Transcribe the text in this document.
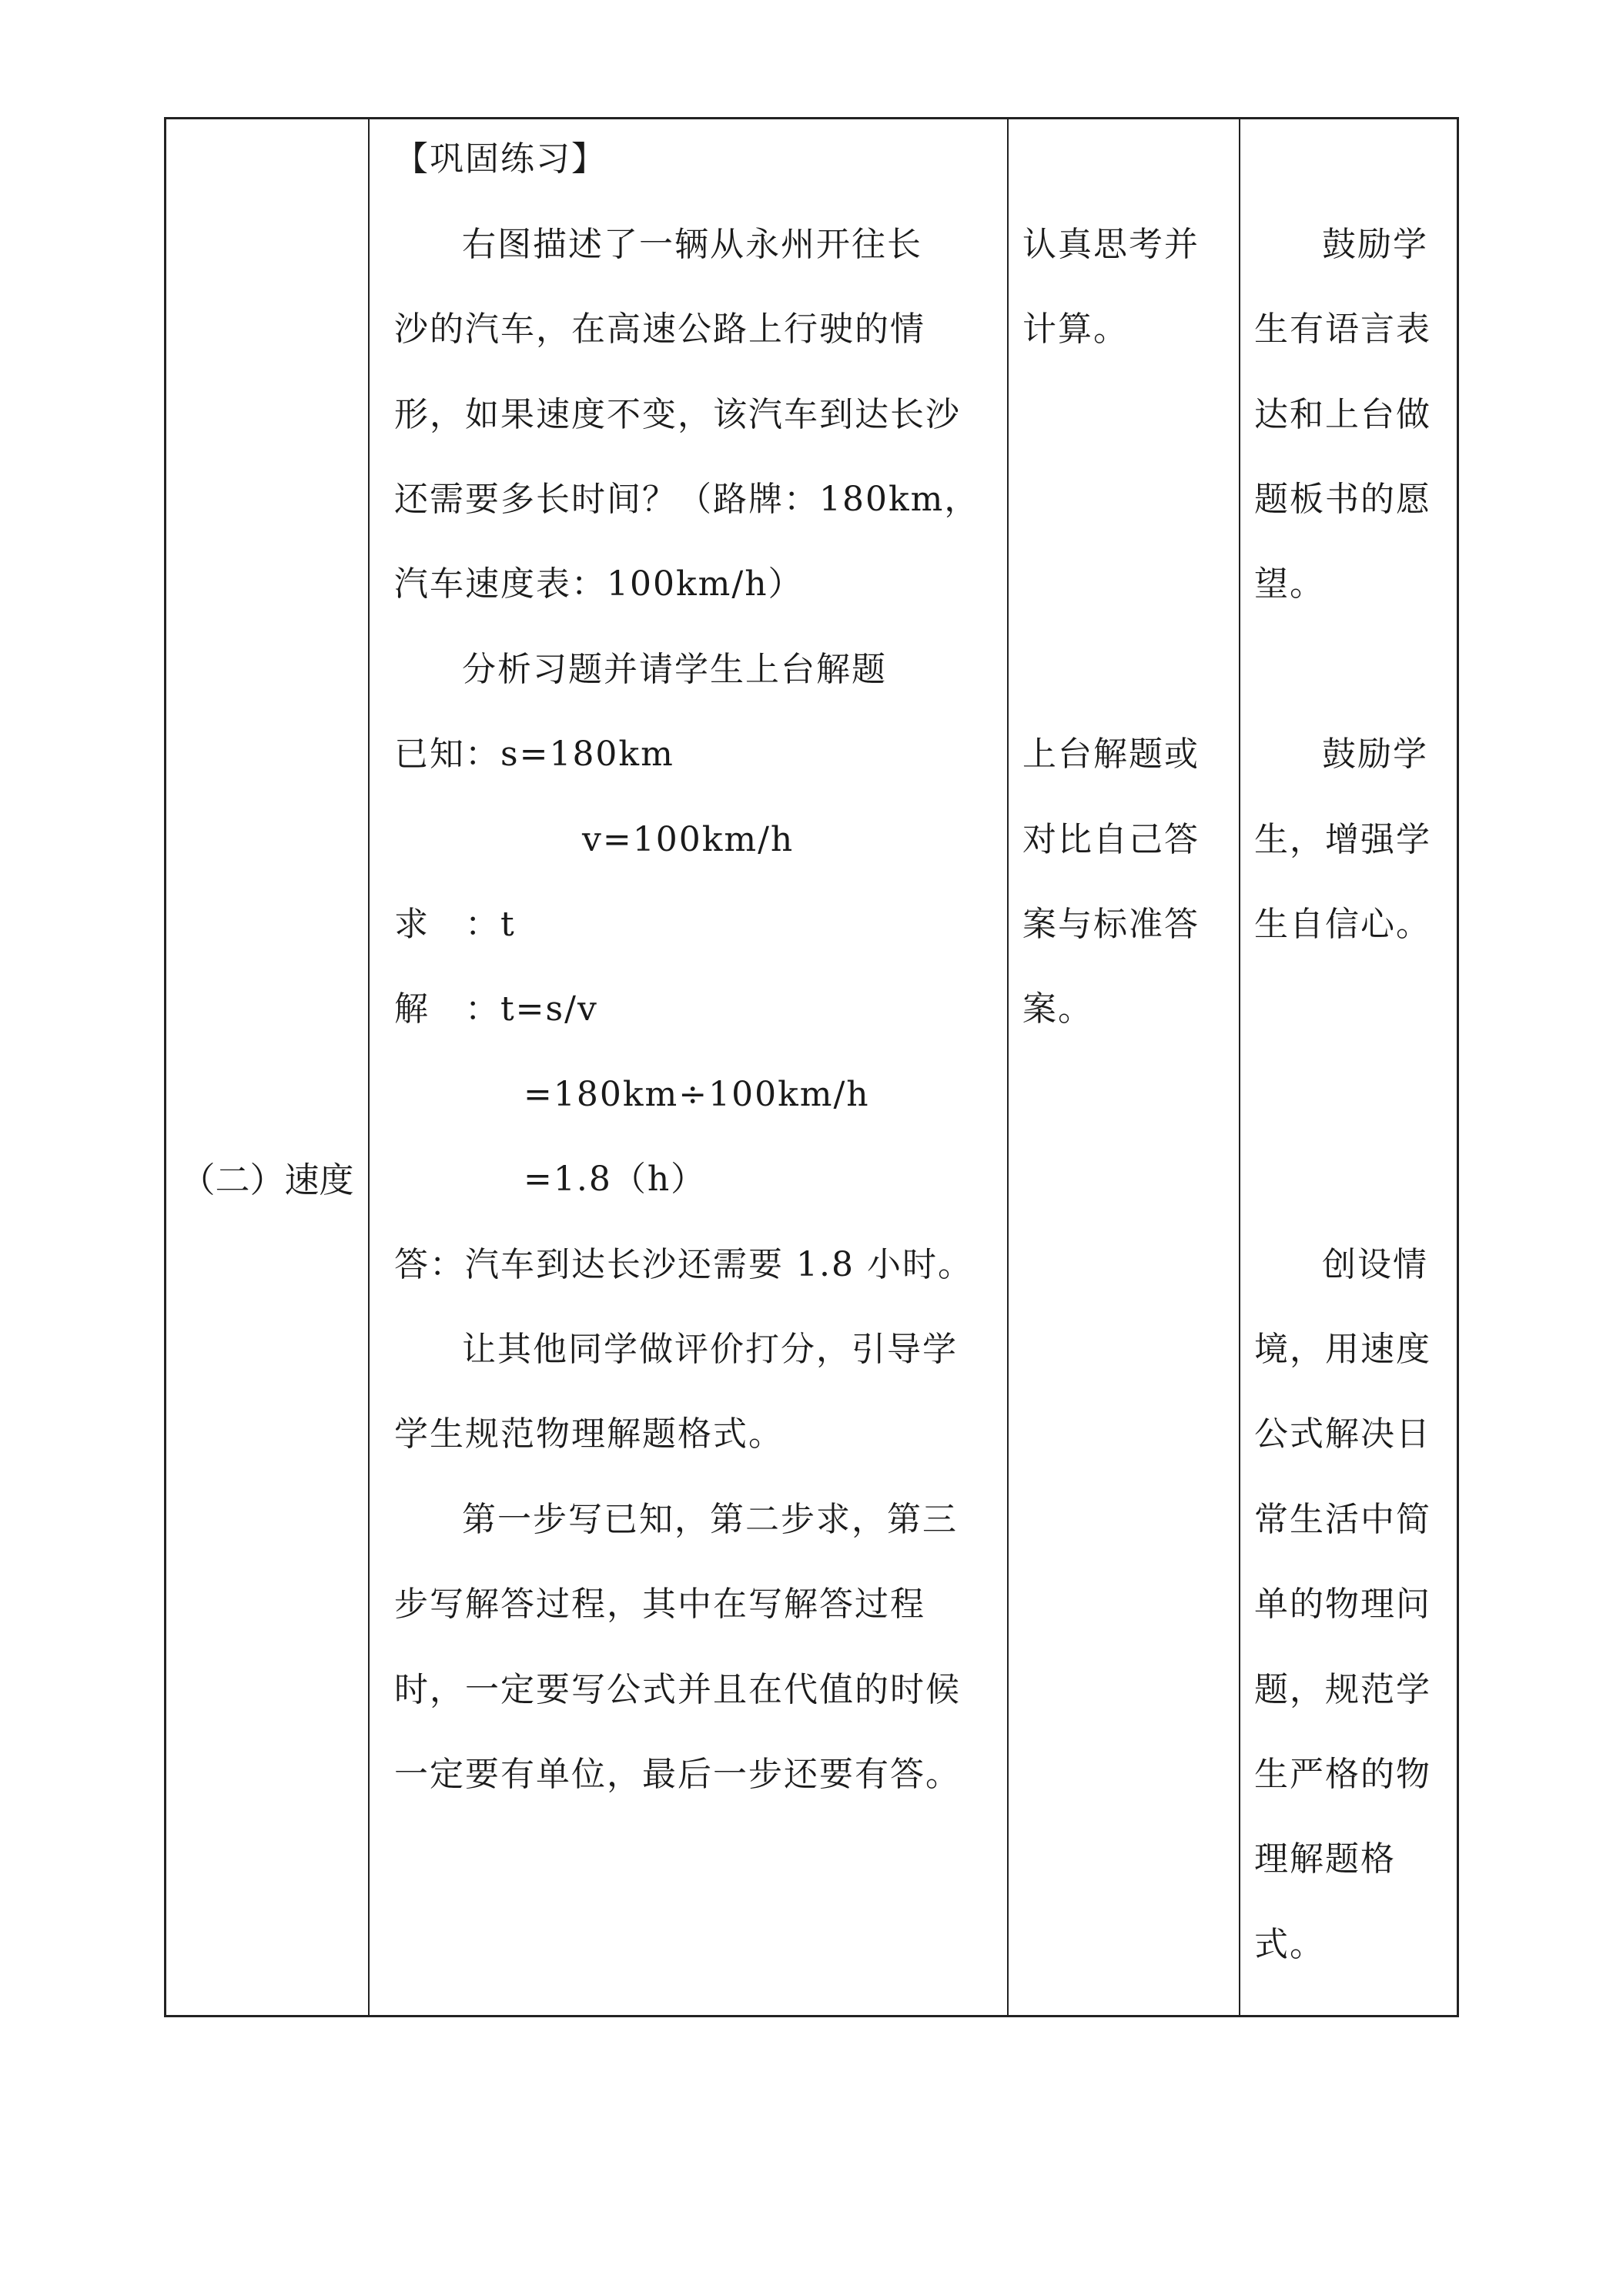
（二）速度
【巩固练习】
右图描述了一辆从永州开往长
沙的汽车，在高速公路上行驶的情
形，如果速度不变，该汽车到达长沙
还需要多长时间？（路牌：180km，
汽车速度表：100km/h）
分析习题并请学生上台解题
已知：s=180km
v=100km/h
求　：t
解　：t=s/v
=180km÷100km/h
=1.8（h）
答：汽车到达长沙还需要 1.8 小时。
让其他同学做评价打分，引导学
学生规范物理解题格式。
第一步写已知，第二步求，第三
步写解答过程，其中在写解答过程
时，一定要写公式并且在代值的时候
一定要有单位，最后一步还要有答。
认真思考并
计算。
上台解题或
对比自己答
案与标准答
案。
鼓励学
生有语言表
达和上台做
题板书的愿
望。
鼓励学
生，增强学
生自信心。
创设情
境，用速度
公式解决日
常生活中简
单的物理问
题，规范学
生严格的物
理解题格
式。
